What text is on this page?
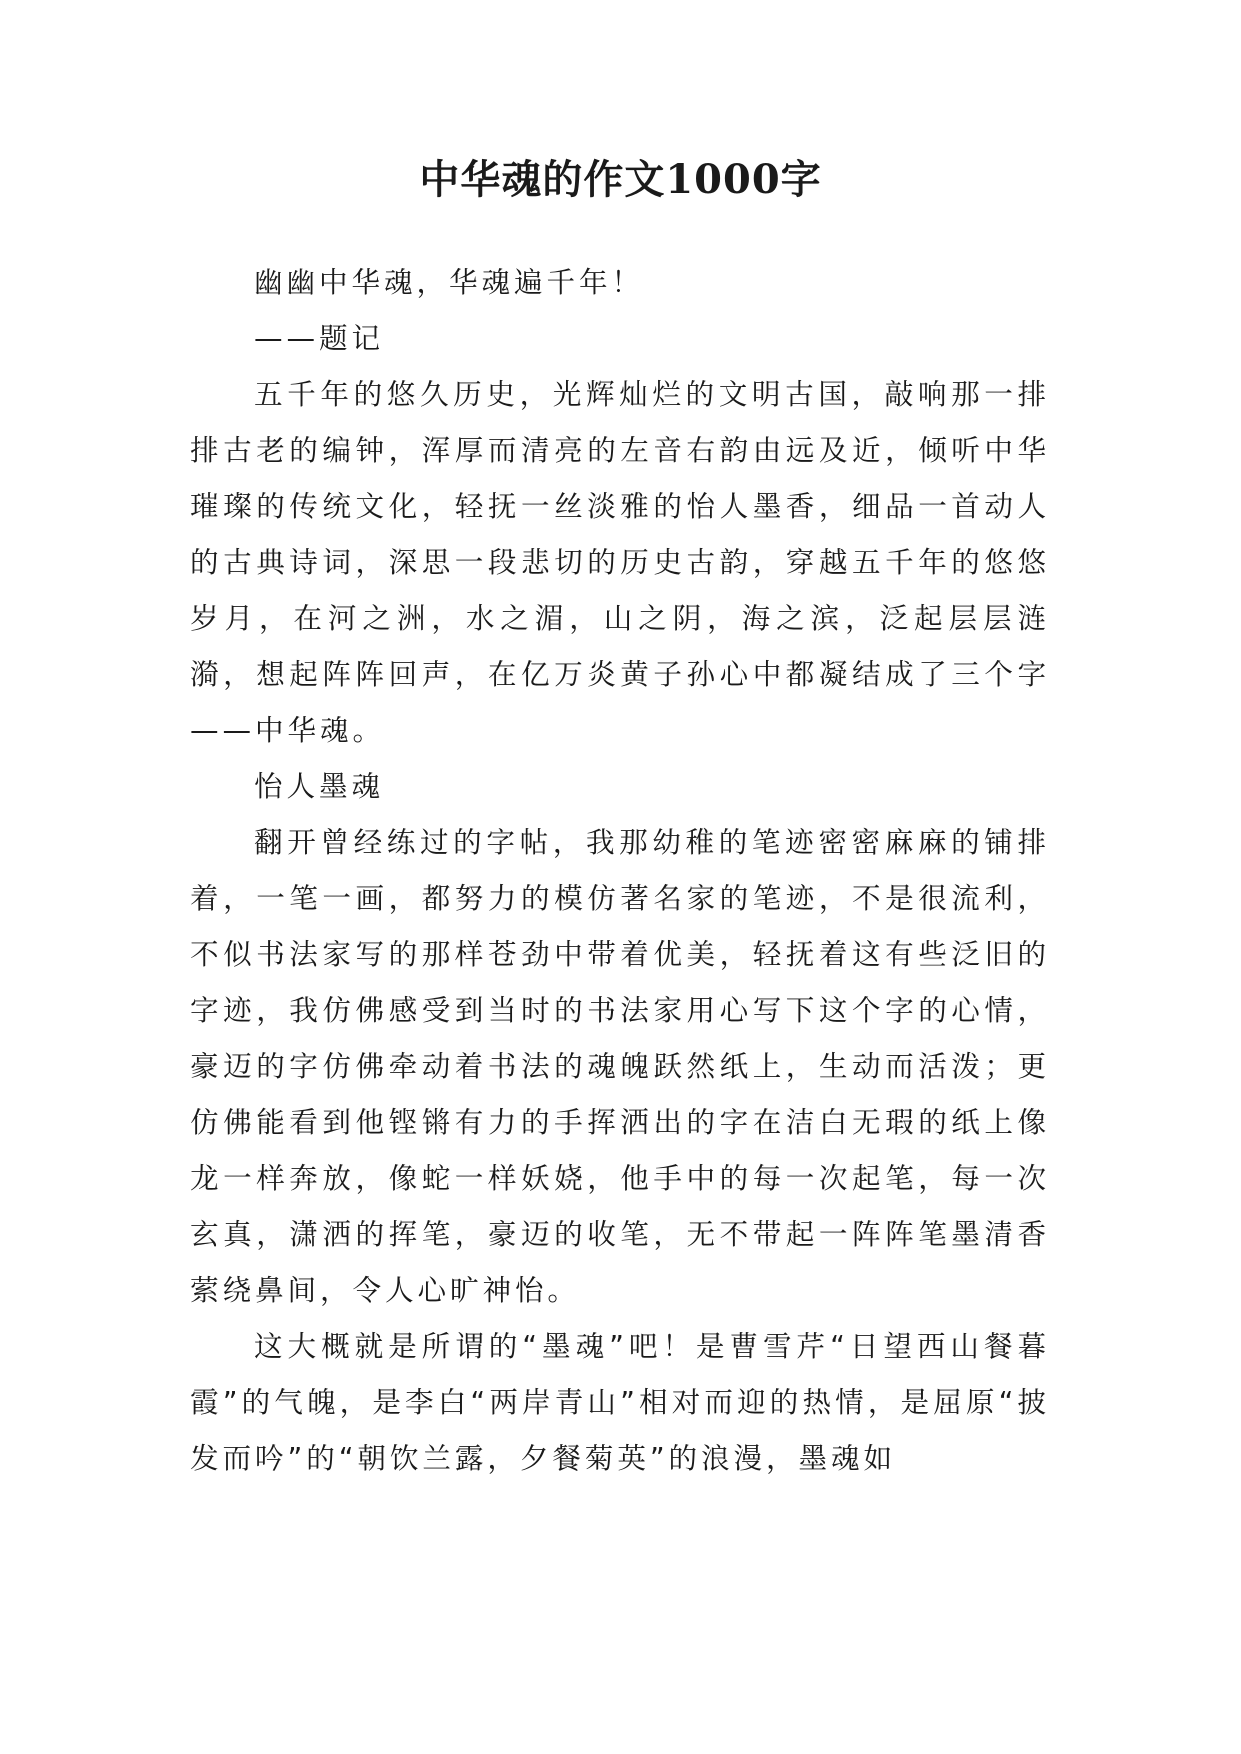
中华魂的作文1000字

幽幽中华魂，华魂遍千年！

——题记

五千年的悠久历史，光辉灿烂的文明古国，敲响那一排排古老的编钟，浑厚而清亮的左音右韵由远及近，倾听中华璀璨的传统文化，轻抚一丝淡雅的怡人墨香，细品一首动人的古典诗词，深思一段悲切的历史古韵，穿越五千年的悠悠岁月，在河之洲，水之湄，山之阴，海之滨，泛起层层涟漪，想起阵阵回声，在亿万炎黄子孙心中都凝结成了三个字——中华魂。

怡人墨魂

翻开曾经练过的字帖，我那幼稚的笔迹密密麻麻的铺排着，一笔一画，都努力的模仿著名家的笔迹，不是很流利，不似书法家写的那样苍劲中带着优美，轻抚着这有些泛旧的字迹，我仿佛感受到当时的书法家用心写下这个字的心情，豪迈的字仿佛牵动着书法的魂魄跃然纸上，生动而活泼；更仿佛能看到他铿锵有力的手挥洒出的字在洁白无瑕的纸上像龙一样奔放，像蛇一样妖娆，他手中的每一次起笔，每一次玄真，潇洒的挥笔，豪迈的收笔，无不带起一阵阵笔墨清香萦绕鼻间，令人心旷神怡。

这大概就是所谓的“墨魂”吧！是曹雪芹“日望西山餐暮霞”的气魄，是李白“两岸青山”相对而迎的热情，是屈原“披发而吟”的“朝饮兰露，夕餐菊英”的浪漫，墨魂如
